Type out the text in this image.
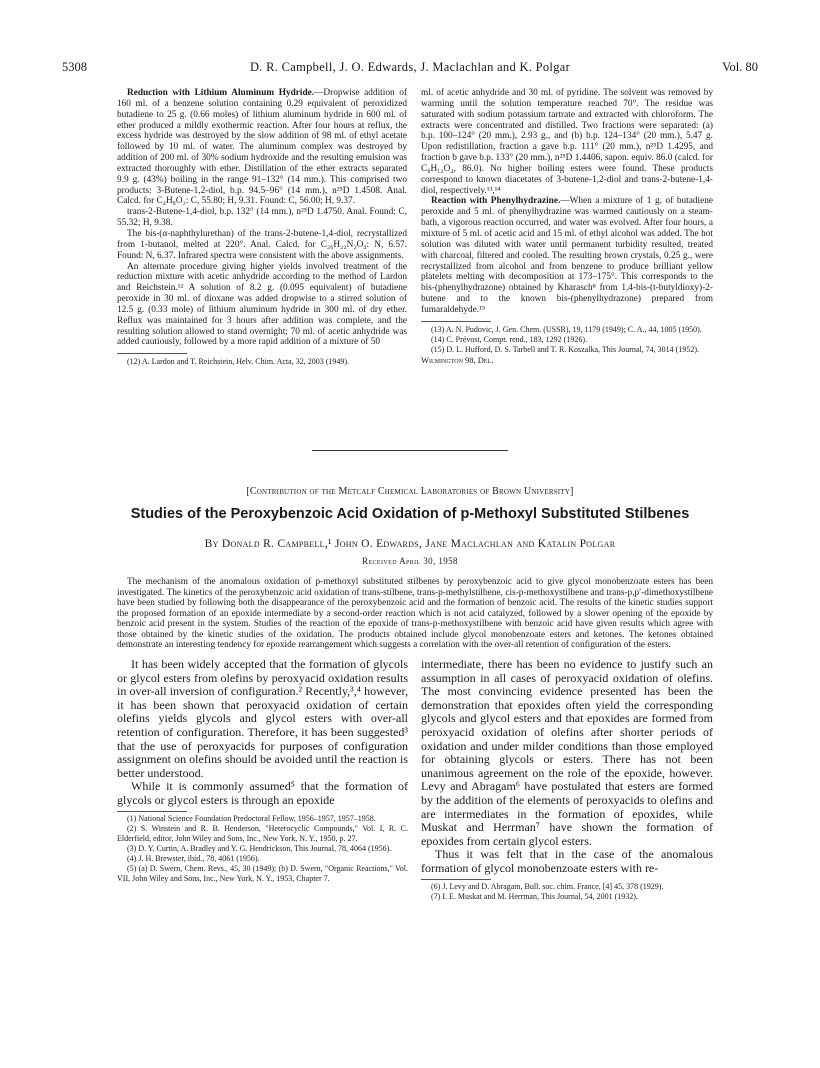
5308	D. R. Campbell, J. O. Edwards, J. Maclachlan and K. Polgar	Vol. 80

Reduction with Lithium Aluminum Hydride.—Dropwise addition of 160 ml. of a benzene solution containing 0.29 equivalent of peroxidized butadiene to 25 g. (0.66 moles) of lithium aluminum hydride in 600 ml. of ether produced a mildly exothermic reaction. After four hours at reflux, the excess hydride was destroyed by the slow addition of 98 ml. of ethyl acetate followed by 10 ml. of water. The aluminum complex was destroyed by addition of 200 ml. of 30% sodium hydroxide and the resulting emulsion was extracted thoroughly with ether. Distillation of the ether extracts separated 9.9 g. (43%) boiling in the range 91–132° (14 mm.). This comprised two products: 3-Butene-1,2-diol, b.p. 94.5–96° (14 mm.), n²⁵D 1.4508. Anal. Calcd. for C₄H₈O₂: C, 55.80; H, 9.31. Found: C, 56.00; H, 9.37.

trans-2-Butene-1,4-diol, b.p. 132° (14 mm.), n²⁵D 1.4750. Anal. Found: C, 55.32; H, 9.38.

The bis-(α-naphthylurethan) of the trans-2-butene-1,4-diol, recrystallized from 1-butanol, melted at 220°. Anal. Calcd. for C₂₆H₂₂N₂O₄: N, 6.57. Found: N, 6.37. Infrared spectra were consistent with the above assignments.

An alternate procedure giving higher yields involved treatment of the reduction mixture with acetic anhydride according to the method of Lardon and Reichstein.¹² A solution of 8.2 g. (0.095 equivalent) of butadiene peroxide in 30 ml. of dioxane was added dropwise to a stirred solution of 12.5 g. (0.33 mole) of lithium aluminum hydride in 300 ml. of dry ether. Reflux was maintained for 3 hours after addition was complete, and the resulting solution allowed to stand overnight; 70 ml. of acetic anhydride was added cautiously, followed by a more rapid addition of a mixture of 50

(12) A. Lardon and T. Reichstein, Helv. Chim. Acta, 32, 2003 (1949).

ml. of acetic anhydride and 30 ml. of pyridine. The solvent was removed by warming until the solution temperature reached 70°. The residue was saturated with sodium potassium tartrate and extracted with chloroform. The extracts were concentrated and distilled. Two fractions were separated: (a) b.p. 100–124° (20 mm.), 2.93 g., and (b) b.p. 124–134° (20 mm.), 5.47 g. Upon redistillation, fraction a gave b.p. 111° (20 mm.), n²⁵D 1.4295, and fraction b gave b.p. 133° (20 mm.), n²⁵D 1.4406, sapon. equiv. 86.0 (calcd. for C₈H₁₂O₄, 86.0). No higher boiling esters were found. These products correspond to known diacetates of 3-butene-1,2-diol and trans-2-butene-1,4-diol, respectively.¹³,¹⁴

Reaction with Phenylhydrazine.—When a mixture of 1 g. of butadiene peroxide and 5 ml. of phenylhydrazine was warmed cautiously on a steam-bath, a vigorous reaction occurred, and water was evolved. After four hours, a mixture of 5 ml. of acetic acid and 15 ml. of ethyl alcohol was added. The hot solution was diluted with water until permanent turbidity resulted, treated with charcoal, filtered and cooled. The resulting brown crystals, 0.25 g., were recrystallized from alcohol and from benzene to produce brilliant yellow platelets melting with decomposition at 173–175°. This corresponds to the bis-(phenylhydrazone) obtained by Kharasch⁸ from 1,4-bis-(t-butyldioxy)-2-butene and to the known bis-(phenylhydrazone) prepared from fumaraldehyde.¹⁵

(13) A. N. Pudovic, J. Gen. Chem. (USSR), 19, 1179 (1949); C. A., 44, 1005 (1950).

(14) C. Prévost, Compt. rend., 183, 1292 (1926).

(15) D. L. Hufford, D. S. Tarbell and T. R. Koszalka, This Journal, 74, 3014 (1952).

Wilmington 98, Del.

[Contribution of the Metcalf Chemical Laboratories of Brown University]
Studies of the Peroxybenzoic Acid Oxidation of p-Methoxyl Substituted Stilbenes
By Donald R. Campbell,¹ John O. Edwards, Jane Maclachlan and Katalin Polgar
Received April 30, 1958
The mechanism of the anomalous oxidation of p-methoxyl substituted stilbenes by peroxybenzoic acid to give glycol monobenzoate esters has been investigated. The kinetics of the peroxybenzoic acid oxidation of trans-stilbene, trans-p-methylstilbene, cis-p-methoxystilbene and trans-p,p′-dimethoxystilbene have been studied by following both the disappearance of the peroxybenzoic acid and the formation of benzoic acid. The results of the kinetic studies support the proposed formation of an epoxide intermediate by a second-order reaction which is not acid catalyzed, followed by a slower opening of the epoxide by benzoic acid present in the system. Studies of the reaction of the epoxide of trans-p-methoxystilbene with benzoic acid have given results which agree with those obtained by the kinetic studies of the oxidation. The products obtained include glycol monobenzoate esters and ketones. The ketones obtained demonstrate an interesting tendency for epoxide rearrangement which suggests a correlation with the over-all retention of configuration of the esters.

It has been widely accepted that the formation of glycols or glycol esters from olefins by peroxyacid oxidation results in over-all inversion of configuration.² Recently,³,⁴ however, it has been shown that peroxyacid oxidation of certain olefins yields glycols and glycol esters with over-all retention of configuration. Therefore, it has been suggested³ that the use of peroxyacids for purposes of configuration assignment on olefins should be avoided until the reaction is better understood.

While it is commonly assumed⁵ that the formation of glycols or glycol esters is through an epoxide

(1) National Science Foundation Predoctoral Fellow, 1956–1957, 1957–1958.

(2) S. Winstein and R. B. Henderson, "Heterocyclic Compounds," Vol. I, R. C. Elderfield, editor, John Wiley and Sons, Inc., New York, N. Y., 1950, p. 27.

(3) D. Y. Curtin, A. Bradley and Y. G. Hendrickson, This Journal, 78, 4064 (1956).

(4) J. H. Brewster, ibid., 78, 4061 (1956).

(5) (a) D. Swern, Chem. Revs., 45, 30 (1949); (b) D. Swern, "Organic Reactions," Vol. VII, John Wiley and Sons, Inc., New York, N. Y., 1953, Chapter 7.

intermediate, there has been no evidence to justify such an assumption in all cases of peroxyacid oxidation of olefins. The most convincing evidence presented has been the demonstration that epoxides often yield the corresponding glycols and glycol esters and that epoxides are formed from peroxyacid oxidation of olefins after shorter periods of oxidation and under milder conditions than those employed for obtaining glycols or esters. There has not been unanimous agreement on the role of the epoxide, however. Levy and Abragam⁶ have postulated that esters are formed by the addition of the elements of peroxyacids to olefins and are intermediates in the formation of epoxides, while Muskat and Herrman⁷ have shown the formation of epoxides from certain glycol esters.

Thus it was felt that in the case of the anomalous formation of glycol monobenzoate esters with re-

(6) J. Levy and D. Abragam, Bull. soc. chim. France, [4] 45, 378 (1929).

(7) I. E. Muskat and M. Herrman, This Journal, 54, 2001 (1932).
